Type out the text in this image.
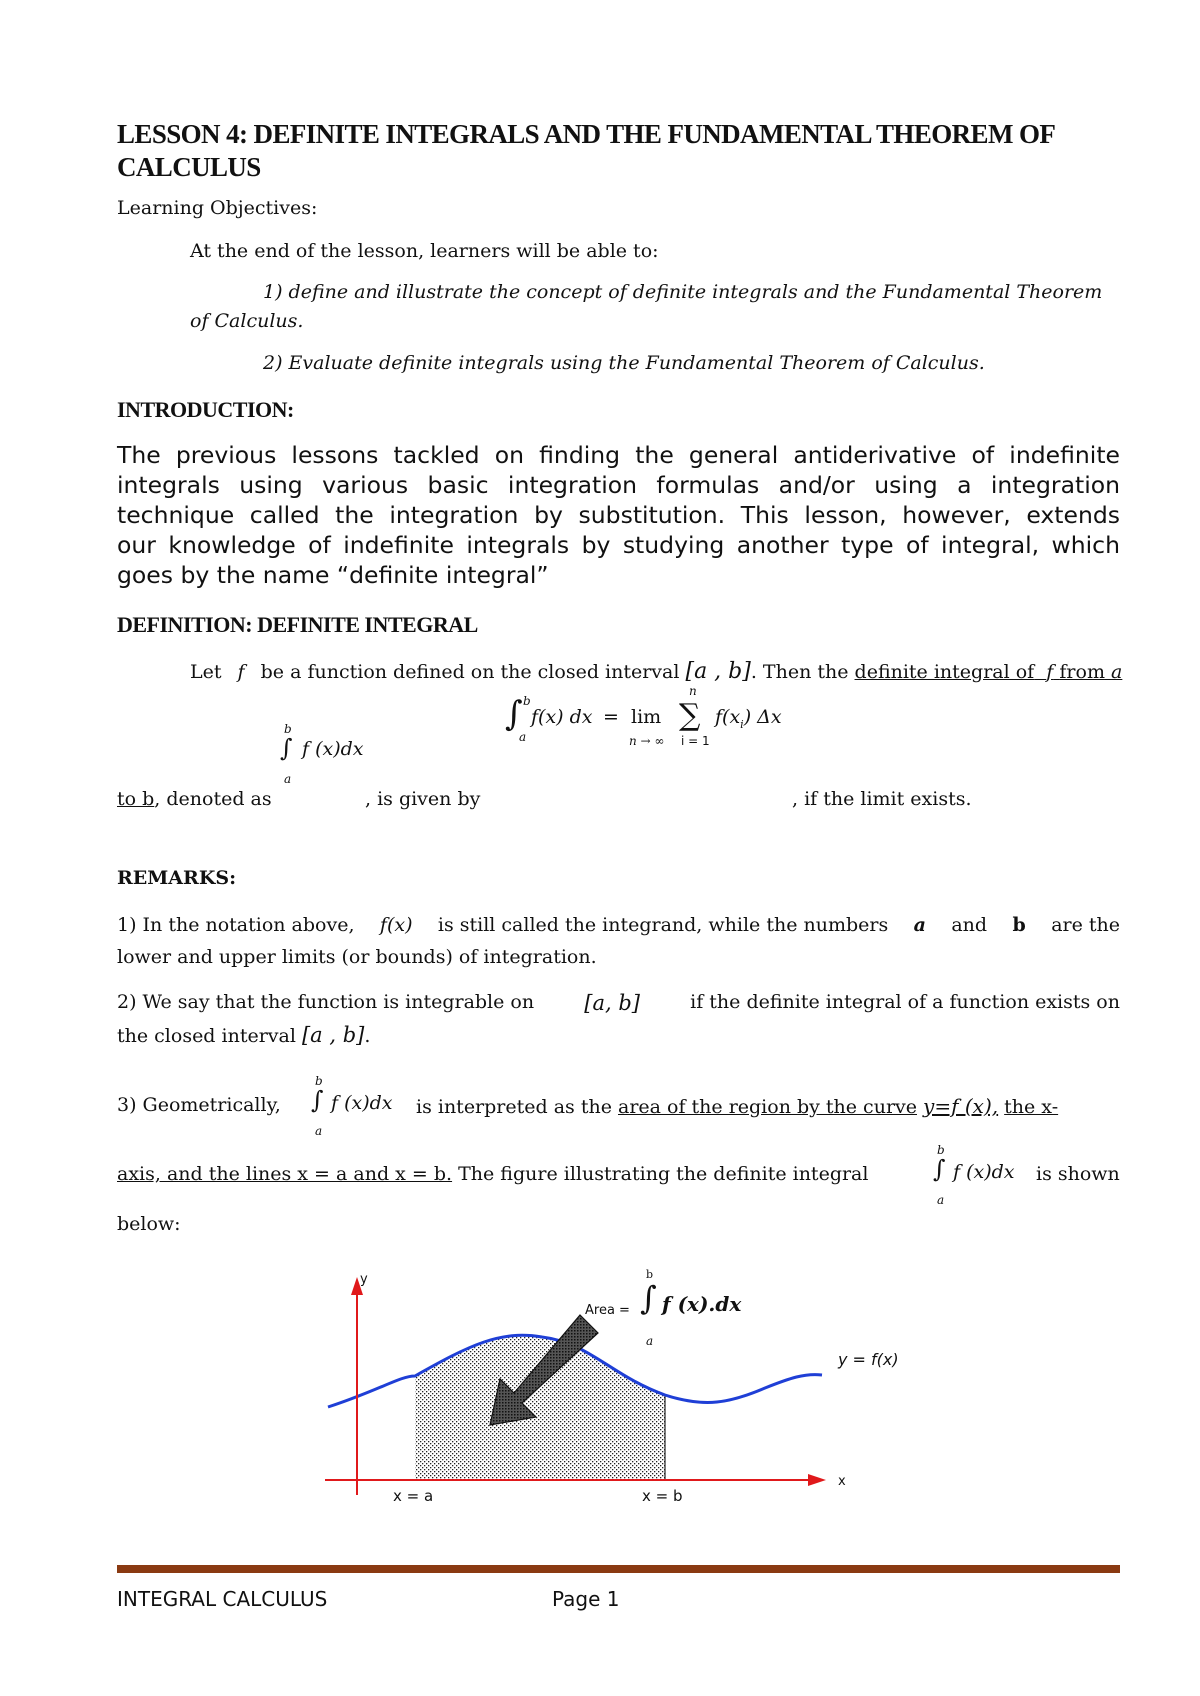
LESSON 4: DEFINITE INTEGRALS AND THE FUNDAMENTAL THEOREM OF
CALCULUS
Learning Objectives:
At the end of the lesson, learners will be able to:
1) define and illustrate the concept of definite integrals and the Fundamental Theorem
of Calculus.
2) Evaluate definite integrals using the Fundamental Theorem of Calculus.
INTRODUCTION:
The previous lessons tackled on finding the general antiderivative of indefinite
integrals using various basic integration formulas and/or using a integration
technique called the integration by substitution. This lesson, however, extends
our knowledge of indefinite integrals by studying another type of integral, which
goes by the name “definite integral”
DEFINITION: DEFINITE INTEGRAL
Let f be a function defined on the closed interval [a , b]. Then the definite integral of f from a
∫ b
a
f(x) dx = lim
n → ∞
n
∑
i = 1
$f(x_i)$ Δx
b
∫ f (x)dx
a
to b, denoted as	, is given by	, if the limit exists.
REMARKS:
1) In the notation above, f(x) is still called the integrand, while the numbers a and b are the
lower and upper limits (or bounds) of integration.
2) We say that the function is integrable on [a, b]	if the definite integral of a function exists on
the closed interval [a , b].
3) Geometrically,
b
∫ f (x)dx
a
is interpreted as the area of the region by the curve y=f (x), the x-
axis, and the lines x = a and x = b. The figure illustrating the definite integral
b
∫ f (x)dx
a
is shown
below:
y
x
Area =
b
∫
a
f (x).dx
y = f(x)
x = a	x = b
INTEGRAL CALCULUS	Page 1
